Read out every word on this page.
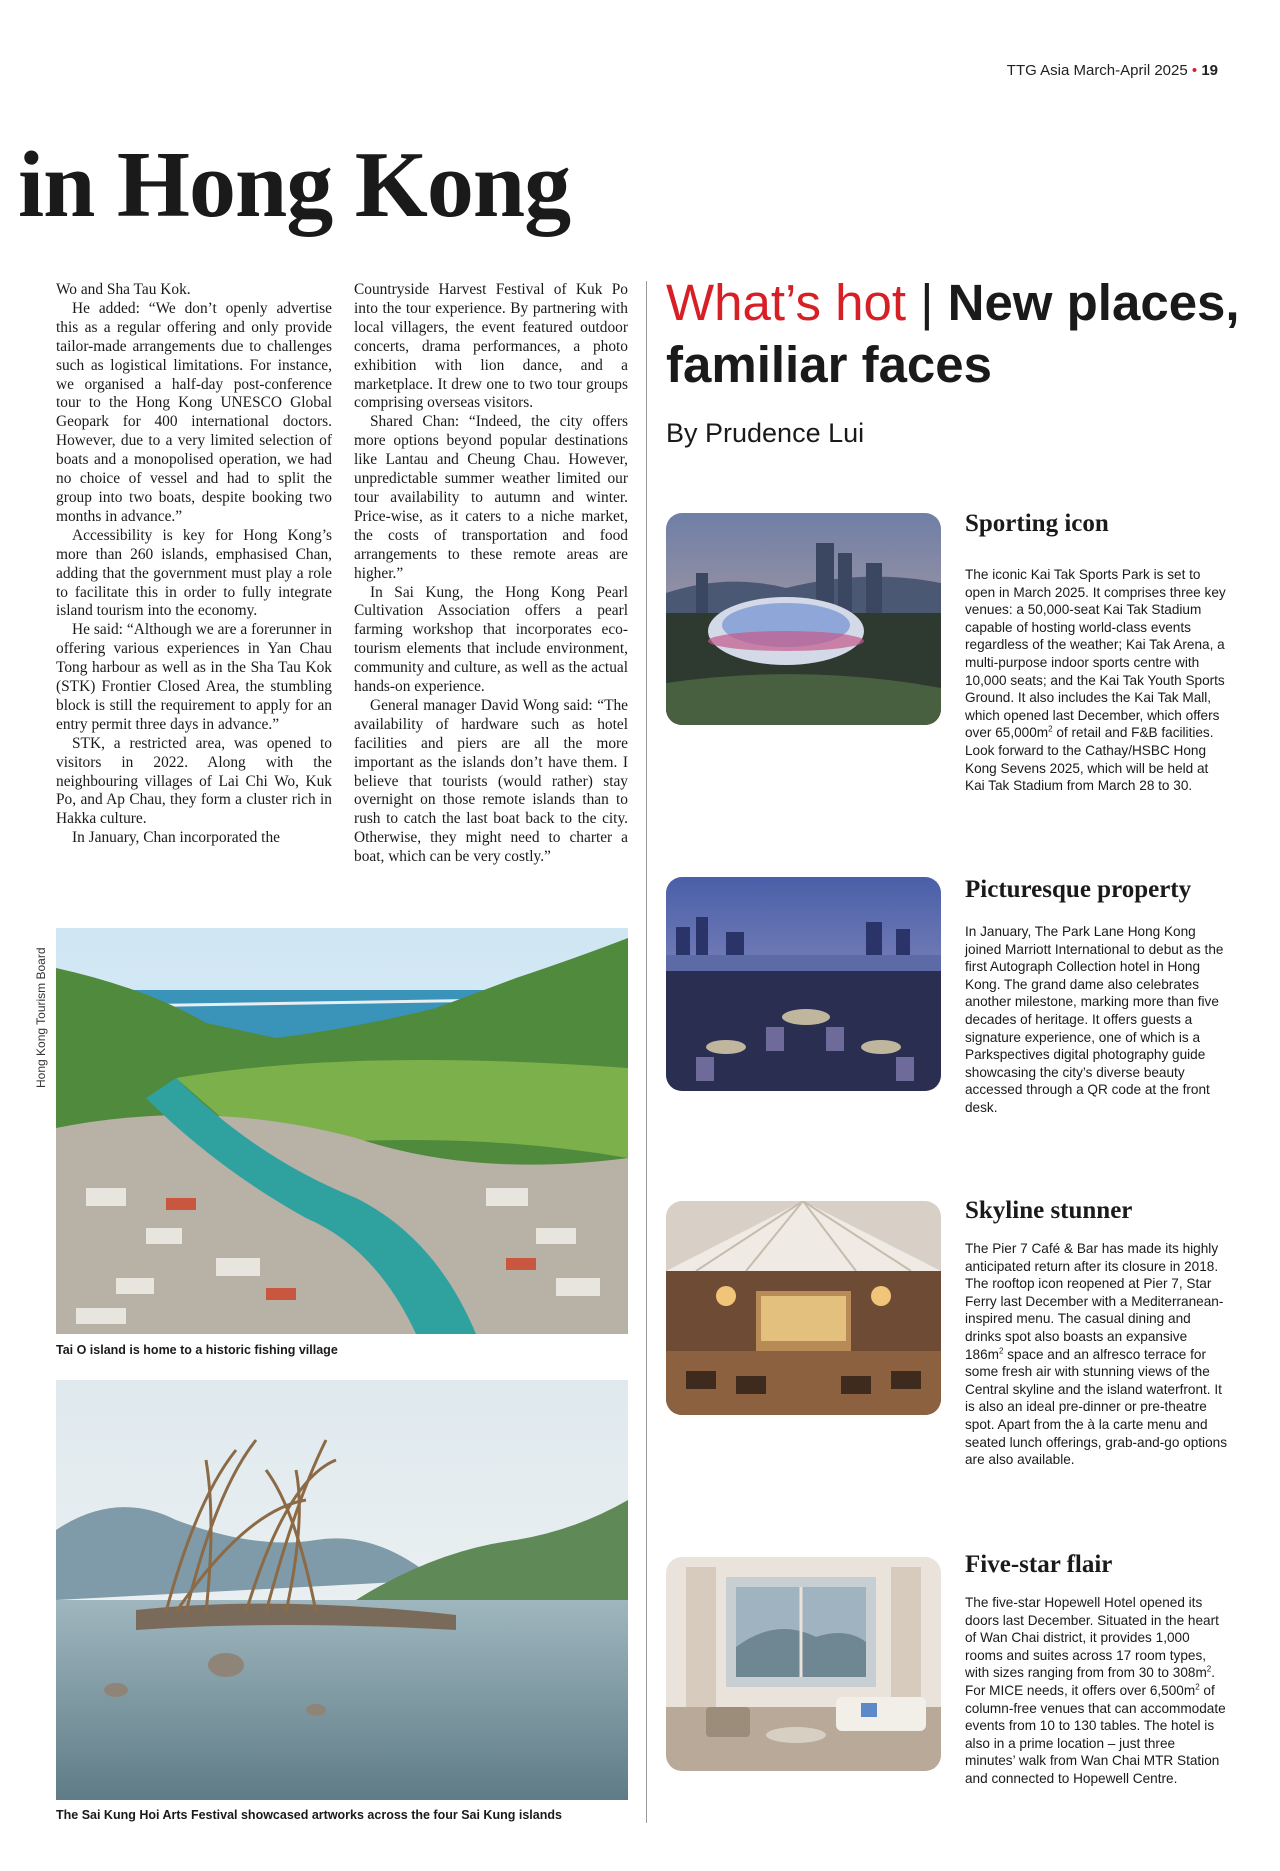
TTG Asia March-April 2025 • 19
in Hong Kong

Wo and Sha Tau Kok.

He added: “We don’t openly advertise this as a regular offering and only provide tailor-made arrangements due to challenges such as logistical limitations. For instance, we organised a half-day post-conference tour to the Hong Kong UNESCO Global Geopark for 400 international doctors. However, due to a very limited selection of boats and a monopolised operation, we had no choice of vessel and had to split the group into two boats, despite booking two months in advance.”

Accessibility is key for Hong Kong’s more than 260 islands, emphasised Chan, adding that the government must play a role to facilitate this in order to fully integrate island tourism into the economy.

He said: “Although we are a forerunner in offering various experiences in Yan Chau Tong harbour as well as in the Sha Tau Kok (STK) Frontier Closed Area, the stumbling block is still the requirement to apply for an entry permit three days in advance.”

STK, a restricted area, was opened to visitors in 2022. Along with the neighbouring villages of Lai Chi Wo, Kuk Po, and Ap Chau, they form a cluster rich in Hakka culture.

In January, Chan incorporated the

Countryside Harvest Festival of Kuk Po into the tour experience. By partnering with local villagers, the event featured outdoor concerts, drama performances, a photo exhibition with lion dance, and a marketplace. It drew one to two tour groups comprising overseas visitors.

Shared Chan: “Indeed, the city offers more options beyond popular destinations like Lantau and Cheung Chau. However, unpredictable summer weather limited our tour availability to autumn and winter. Price-wise, as it caters to a niche market, the costs of transportation and food arrangements to these remote areas are higher.”

In Sai Kung, the Hong Kong Pearl Cultivation Association offers a pearl farming workshop that incorporates eco-tourism elements that include environment, community and culture, as well as the actual hands-on experience.

General manager David Wong said: “The availability of hardware such as hotel facilities and piers are all the more important as the islands don’t have them. I believe that tourists (would rather) stay overnight on those remote islands than to rush to catch the last boat back to the city. Otherwise, they might need to charter a boat, which can be very costly.”

Hong Kong Tourism Board
Tai O island is home to a historic fishing village
The Sai Kung Hoi Arts Festival showcased artworks across the four Sai Kung islands
What’s hot | New places, familiar faces
By Prudence Lui
Sporting icon
The iconic Kai Tak Sports Park is set to open in March 2025. It comprises three key venues: a 50,000-seat Kai Tak Stadium capable of hosting world-class events regardless of the weather; Kai Tak Arena, a multi-purpose indoor sports centre with 10,000 seats; and the Kai Tak Youth Sports Ground. It also includes the Kai Tak Mall, which opened last December, which offers over $65,000m^2$ of retail and F&B facilities. Look forward to the Cathay/HSBC Hong Kong Sevens 2025, which will be held at Kai Tak Stadium from March 28 to 30.
Picturesque property
In January, The Park Lane Hong Kong joined Marriott International to debut as the first Autograph Collection hotel in Hong Kong. The grand dame also celebrates another milestone, marking more than five decades of heritage. It offers guests a signature experience, one of which is a Parkspectives digital photography guide showcasing the city’s diverse beauty accessed through a QR code at the front desk.
Skyline stunner
The Pier 7 Café & Bar has made its highly anticipated return after its closure in 2018. The rooftop icon reopened at Pier 7, Star Ferry last December with a Mediterranean-inspired menu. The casual dining and drinks spot also boasts an expansive $186m^2$ space and an alfresco terrace for some fresh air with stunning views of the Central skyline and the island waterfront. It is also an ideal pre-dinner or pre-theatre spot. Apart from the à la carte menu and seated lunch offerings, grab-and-go options are also available.
Five-star flair
The five-star Hopewell Hotel opened its doors last December. Situated in the heart of Wan Chai district, it provides 1,000 rooms and suites across 17 room types, with sizes ranging from from 30 to $308m^2$. For MICE needs, it offers over $6,500m^2$ of column-free venues that can accommodate events from 10 to 130 tables. The hotel is also in a prime location – just three minutes’ walk from Wan Chai MTR Station and connected to Hopewell Centre.
